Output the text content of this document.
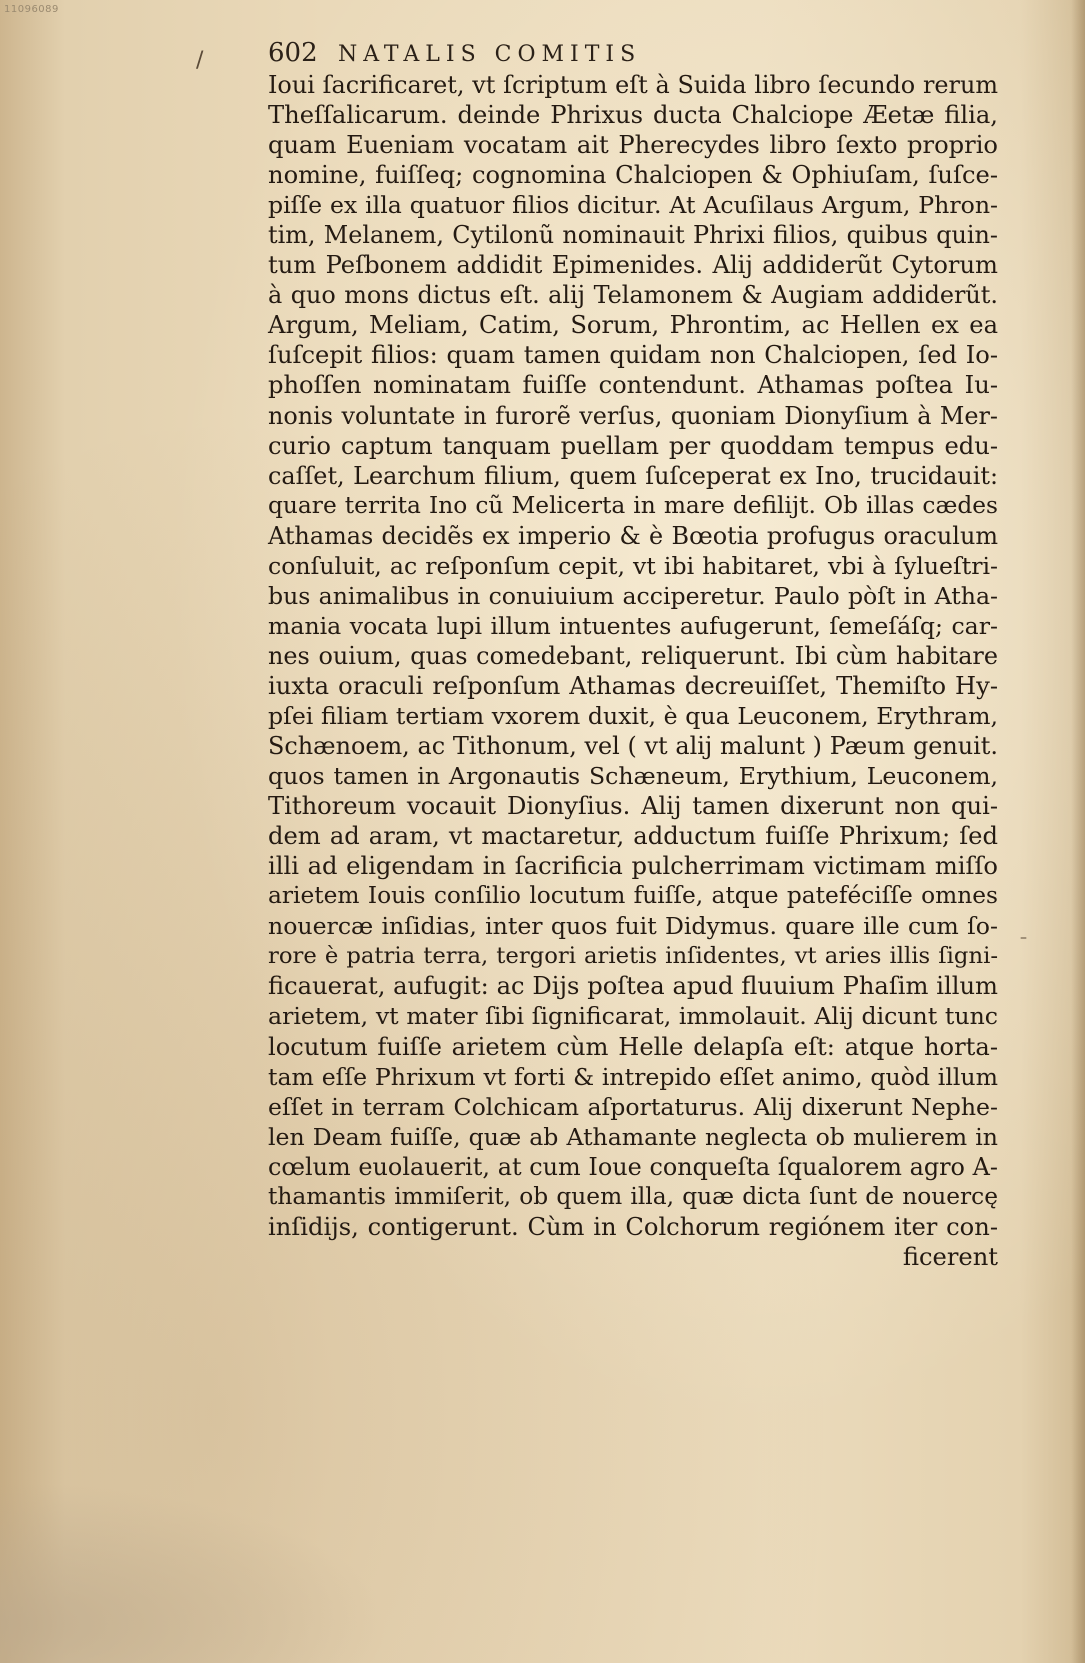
11096089
/
–
602 NATALIS COMITIS
Ioui ſacrificaret, vt ſcriptum eſt à Suida libro ſecundo rerum
Theſſalicarum. deinde Phrixus ducta Chalciope Æetæ filia,
quam Eueniam vocatam ait Pherecydes libro ſexto proprio
nomine, fuiſſeq; cognomina Chalciopen & Ophiuſam, ſuſce-
piſſe ex illa quatuor filios dicitur. At Acuſilaus Argum, Phron-
tim, Melanem, Cytilonũ nominauit Phrixi filios, quibus quin-
tum Peſbonem addidit Epimenides. Alij addiderũt Cytorum
à quo mons dictus eſt. alij Telamonem & Augiam addiderũt.
Argum, Meliam, Catim, Sorum, Phrontim, ac Hellen ex ea
ſuſcepit filios: quam tamen quidam non Chalciopen, ſed Io-
phoſſen nominatam fuiſſe contendunt. Athamas poſtea Iu-
nonis voluntate in furorẽ verſus, quoniam Dionyſium à Mer-
curio captum tanquam puellam per quoddam tempus edu-
caſſet, Learchum filium, quem ſuſceperat ex Ino, trucidauit:
quare territa Ino cũ Melicerta in mare defilijt. Ob illas cædes
Athamas decidẽs ex imperio & è Bœotia profugus oraculum
conſuluit, ac reſponſum cepit, vt ibi habitaret, vbi à ſylueſtri-
bus animalibus in conuiuium acciperetur. Paulo pòſt in Atha-
mania vocata lupi illum intuentes aufugerunt, ſemeſáſq; car-
nes ouium, quas comedebant, reliquerunt. Ibi cùm habitare
iuxta oraculi reſponſum Athamas decreuiſſet, Themiſto Hy-
pſei filiam tertiam vxorem duxit, è qua Leuconem, Erythram,
Schænoem, ac Tithonum, vel ( vt alij malunt ) Pæum genuit.
quos tamen in Argonautis Schæneum, Erythium, Leuconem,
Tithoreum vocauit Dionyſius. Alij tamen dixerunt non qui-
dem ad aram, vt mactaretur, adductum fuiſſe Phrixum; ſed
illi ad eligendam in ſacrificia pulcherrimam victimam miſſo
arietem Iouis conſilio locutum fuiſſe, atque pateféciſſe omnes
nouercæ inſidias, inter quos fuit Didymus. quare ille cum ſo-
rore è patria terra, tergori arietis inſidentes, vt aries illis ſigni-
ficauerat, aufugit: ac Dijs poſtea apud fluuium Phaſim illum
arietem, vt mater ſibi ſignificarat, immolauit. Alij dicunt tunc
locutum fuiſſe arietem cùm Helle delapſa eſt: atque horta-
tam eſſe Phrixum vt forti & intrepido eſſet animo, quòd illum
eſſet in terram Colchicam aſportaturus. Alij dixerunt Nephe-
len Deam fuiſſe, quæ ab Athamante neglecta ob mulierem in
cœlum euolauerit, at cum Ioue conqueſta ſqualorem agro A-
thamantis immiſerit, ob quem illa, quæ dicta ſunt de nouercę
inſidijs, contigerunt. Cùm in Colchorum regiónem iter con-
ficerent
